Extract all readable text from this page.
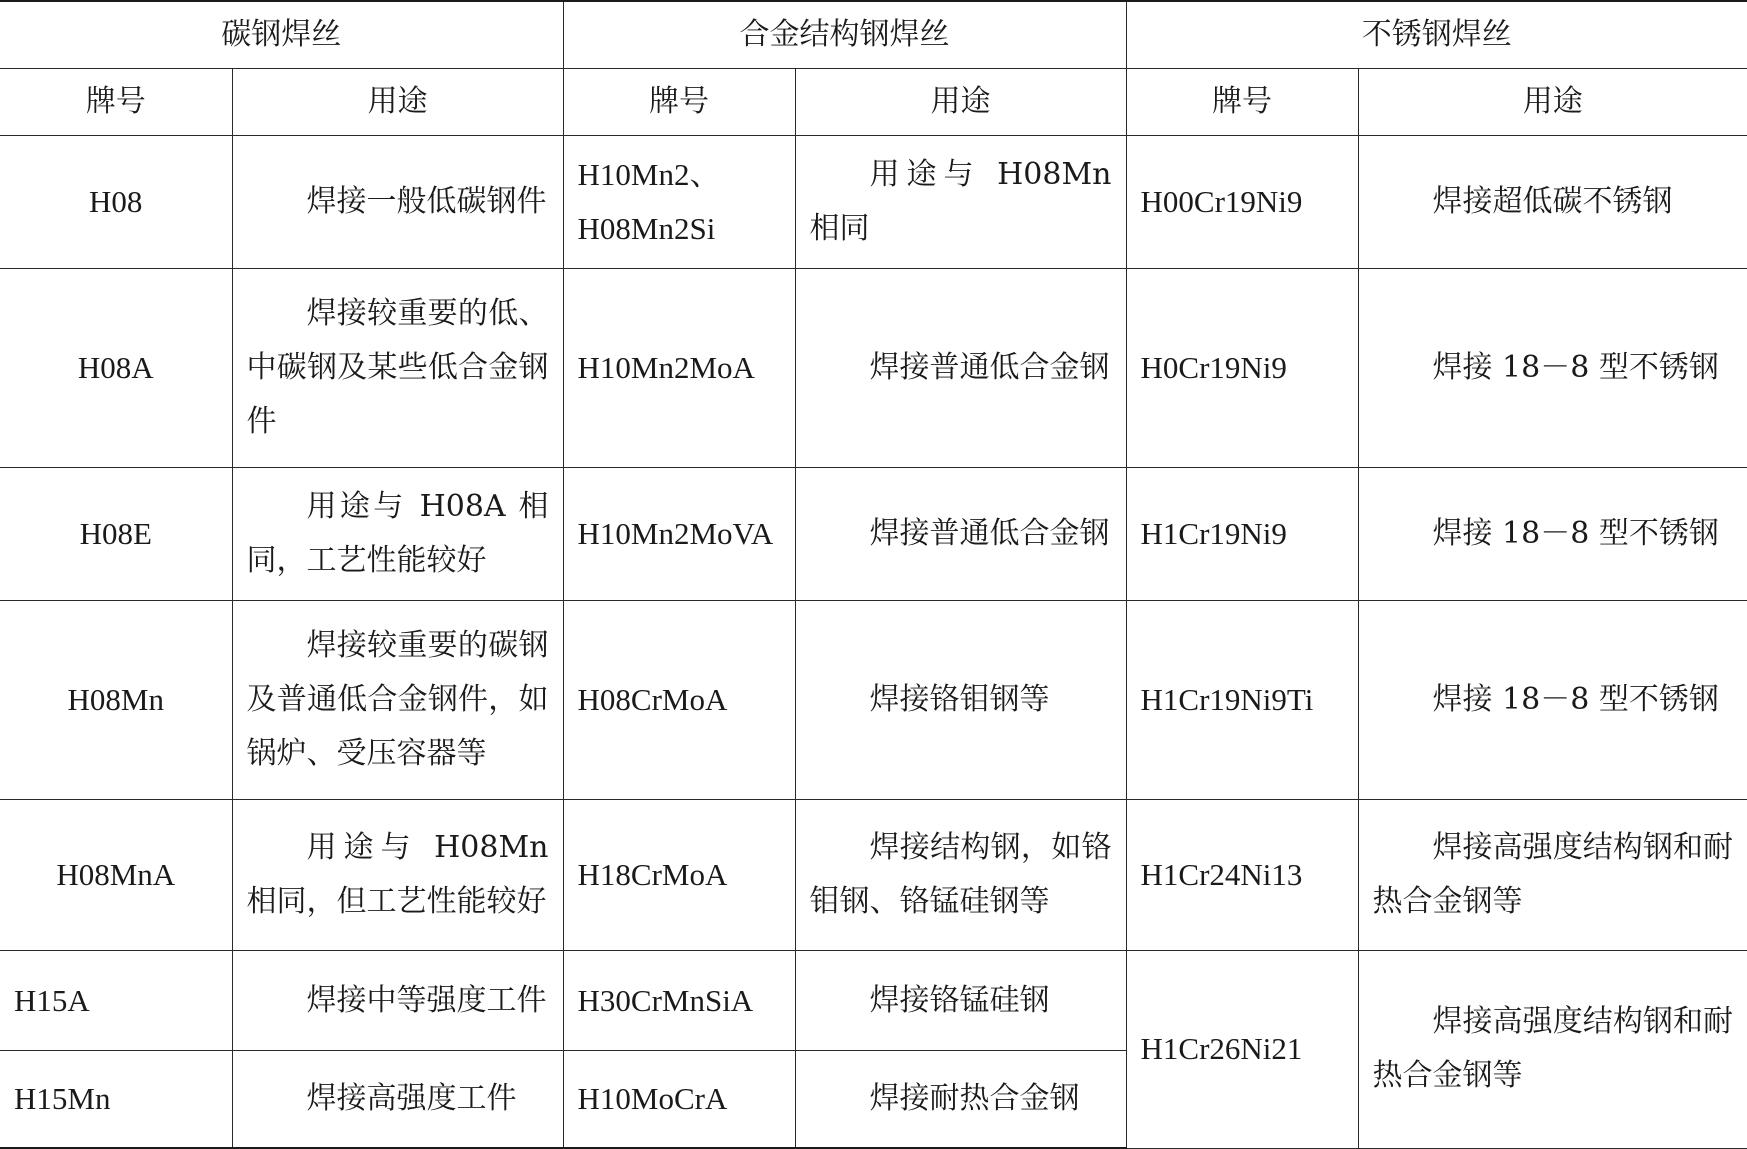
碳钢焊丝		合金结构钢焊丝		不锈钢焊丝	
牌号	用途	牌号	用途	牌号	用途
H08	焊接一般低碳钢件	H10Mn2、H08Mn2Si	用途与 H08Mn 相同	H00Cr19Ni9	焊接超低碳不锈钢
H08A	焊接较重要的低、中碳钢及某些低合金钢件	H10Mn2MoA	焊接普通低合金钢	H0Cr19Ni9	焊接 18－8 型不锈钢
H08E	用途与 H08A 相同，工艺性能较好	H10Mn2MoVA	焊接普通低合金钢	H1Cr19Ni9	焊接 18－8 型不锈钢
H08Mn	焊接较重要的碳钢及普通低合金钢件，如锅炉、受压容器等	H08CrMoA	焊接铬钼钢等	H1Cr19Ni9Ti	焊接 18－8 型不锈钢
H08MnA	用途与 H08Mn 相同，但工艺性能较好	H18CrMoA	焊接结构钢，如铬钼钢、铬锰硅钢等	H1Cr24Ni13	焊接高强度结构钢和耐热合金钢等
H15A	焊接中等强度工件	H30CrMnSiA	焊接铬锰硅钢	H1Cr26Ni21	焊接高强度结构钢和耐热合金钢等
H15Mn	焊接高强度工件	H10MoCrA	焊接耐热合金钢		
